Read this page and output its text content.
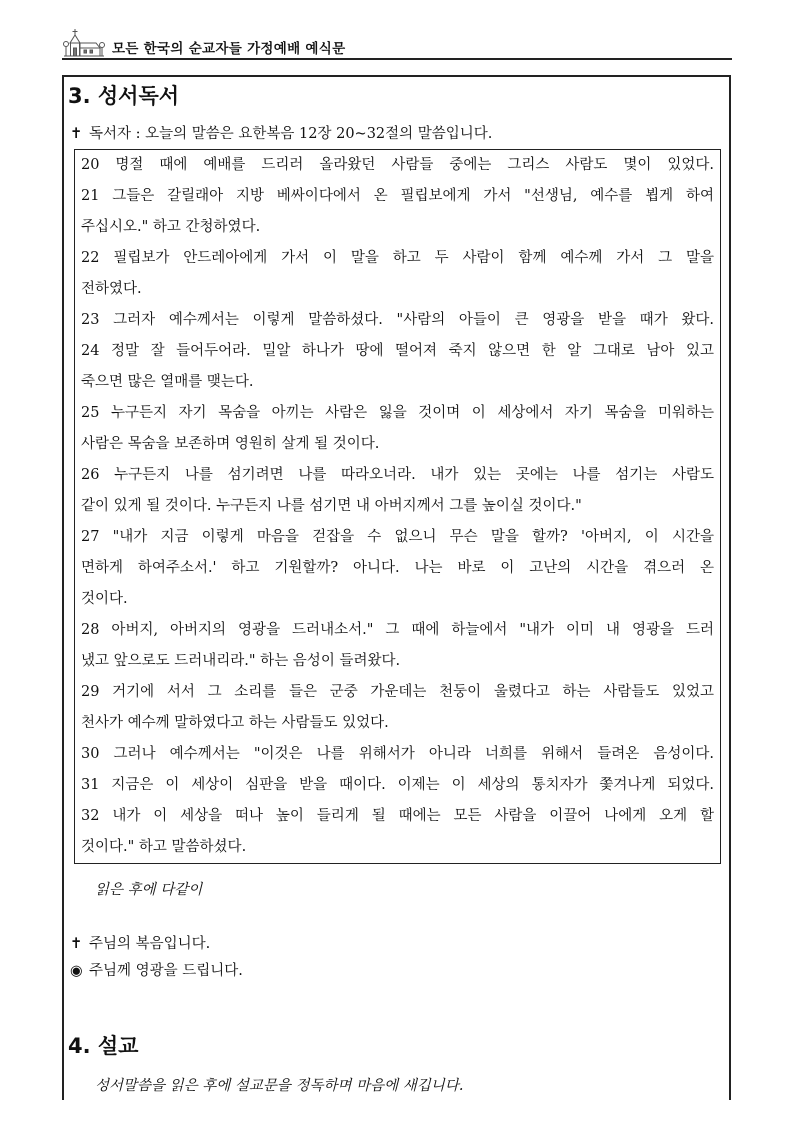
모든 한국의 순교자들 가정예배 예식문
3. 성서독서
✝ 독서자 : 오늘의 말씀은 요한복음 12장 20~32절의 말씀입니다.
20 명절 때에 예배를 드리러 올라왔던 사람들 중에는 그리스 사람도 몇이 있었다.
21 그들은 갈릴래아 지방 베싸이다에서 온 필립보에게 가서 "선생님, 예수를 뵙게 하여
주십시오." 하고 간청하였다.
22 필립보가 안드레아에게 가서 이 말을 하고 두 사람이 함께 예수께 가서 그 말을
전하였다.
23 그러자 예수께서는 이렇게 말씀하셨다. "사람의 아들이 큰 영광을 받을 때가 왔다.
24 정말 잘 들어두어라. 밀알 하나가 땅에 떨어져 죽지 않으면 한 알 그대로 남아 있고
죽으면 많은 열매를 맺는다.
25 누구든지 자기 목숨을 아끼는 사람은 잃을 것이며 이 세상에서 자기 목숨을 미워하는
사람은 목숨을 보존하며 영원히 살게 될 것이다.
26 누구든지 나를 섬기려면 나를 따라오너라. 내가 있는 곳에는 나를 섬기는 사람도
같이 있게 될 것이다. 누구든지 나를 섬기면 내 아버지께서 그를 높이실 것이다."
27 "내가 지금 이렇게 마음을 걷잡을 수 없으니 무슨 말을 할까? '아버지, 이 시간을
면하게 하여주소서.' 하고 기원할까? 아니다. 나는 바로 이 고난의 시간을 겪으러 온
것이다.
28 아버지, 아버지의 영광을 드러내소서." 그 때에 하늘에서 "내가 이미 내 영광을 드러
냈고 앞으로도 드러내리라." 하는 음성이 들려왔다.
29 거기에 서서 그 소리를 들은 군중 가운데는 천둥이 울렸다고 하는 사람들도 있었고
천사가 예수께 말하였다고 하는 사람들도 있었다.
30 그러나 예수께서는 "이것은 나를 위해서가 아니라 너희를 위해서 들려온 음성이다.
31 지금은 이 세상이 심판을 받을 때이다. 이제는 이 세상의 통치자가 쫓겨나게 되었다.
32 내가 이 세상을 떠나 높이 들리게 될 때에는 모든 사람을 이끌어 나에게 오게 할
것이다." 하고 말씀하셨다.
읽은 후에 다같이
✝ 주님의 복음입니다.
◉ 주님께 영광을 드립니다.
4. 설교
성서말씀을 읽은 후에 설교문을 정독하며 마음에 새깁니다.
